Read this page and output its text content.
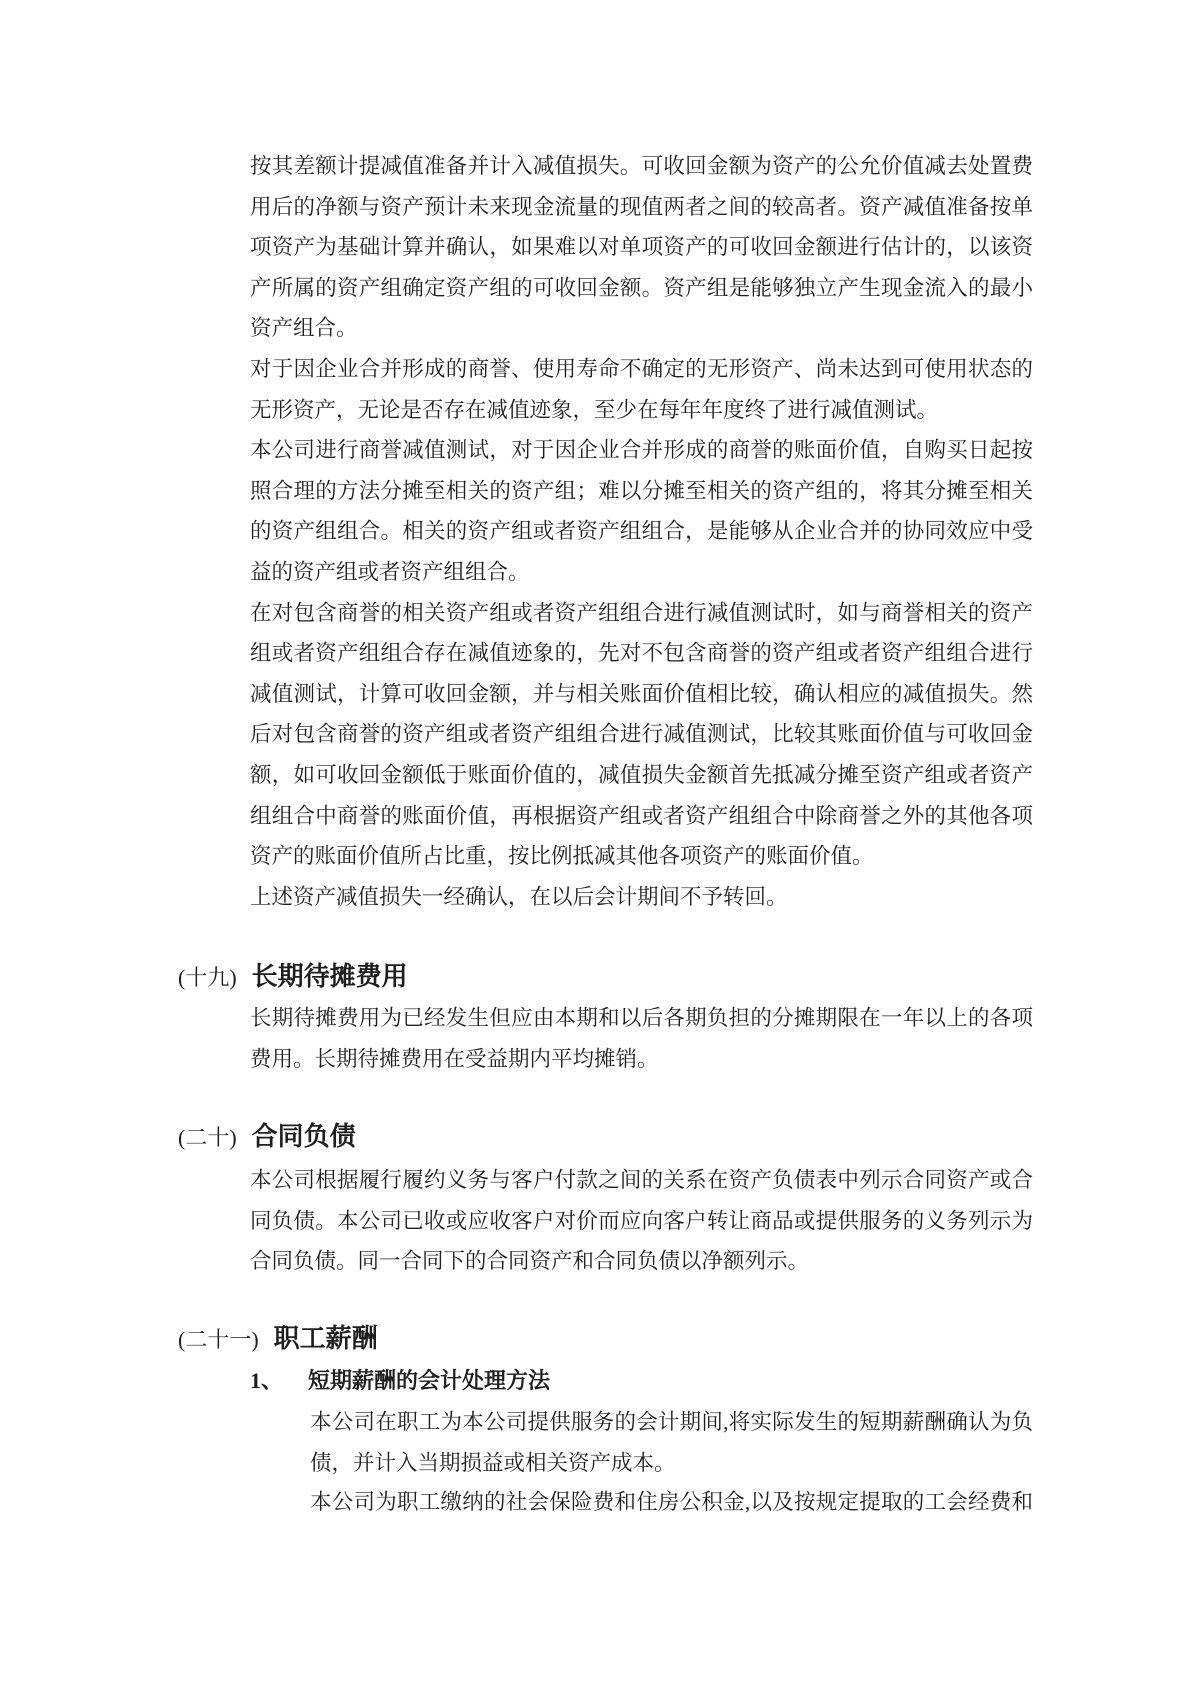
按其差额计提减值准备并计入减值损失。可收回金额为资产的公允价值减去处置费用后的净额与资产预计未来现金流量的现值两者之间的较高者。资产减值准备按单项资产为基础计算并确认，如果难以对单项资产的可收回金额进行估计的，以该资产所属的资产组确定资产组的可收回金额。资产组是能够独立产生现金流入的最小资产组合。

对于因企业合并形成的商誉、使用寿命不确定的无形资产、尚未达到可使用状态的无形资产，无论是否存在减值迹象，至少在每年年度终了进行减值测试。

本公司进行商誉减值测试，对于因企业合并形成的商誉的账面价值，自购买日起按照合理的方法分摊至相关的资产组；难以分摊至相关的资产组的，将其分摊至相关的资产组组合。相关的资产组或者资产组组合，是能够从企业合并的协同效应中受益的资产组或者资产组组合。

在对包含商誉的相关资产组或者资产组组合进行减值测试时，如与商誉相关的资产组或者资产组组合存在减值迹象的，先对不包含商誉的资产组或者资产组组合进行减值测试，计算可收回金额，并与相关账面价值相比较，确认相应的减值损失。然后对包含商誉的资产组或者资产组组合进行减值测试，比较其账面价值与可收回金额，如可收回金额低于账面价值的，减值损失金额首先抵减分摊至资产组或者资产组组合中商誉的账面价值，再根据资产组或者资产组组合中除商誉之外的其他各项资产的账面价值所占比重，按比例抵减其他各项资产的账面价值。

上述资产减值损失一经确认，在以后会计期间不予转回。

(十九) 长期待摊费用
长期待摊费用为已经发生但应由本期和以后各期负担的分摊期限在一年以上的各项费用。长期待摊费用在受益期内平均摊销。
(二十) 合同负债
本公司根据履行履约义务与客户付款之间的关系在资产负债表中列示合同资产或合同负债。本公司已收或应收客户对价而应向客户转让商品或提供服务的义务列示为合同负债。同一合同下的合同资产和合同负债以净额列示。
(二十一) 职工薪酬
1、	短期薪酬的会计处理方法
本公司在职工为本公司提供服务的会计期间,将实际发生的短期薪酬确认为负债，并计入当期损益或相关资产成本。
本公司为职工缴纳的社会保险费和住房公积金,以及按规定提取的工会经费和
